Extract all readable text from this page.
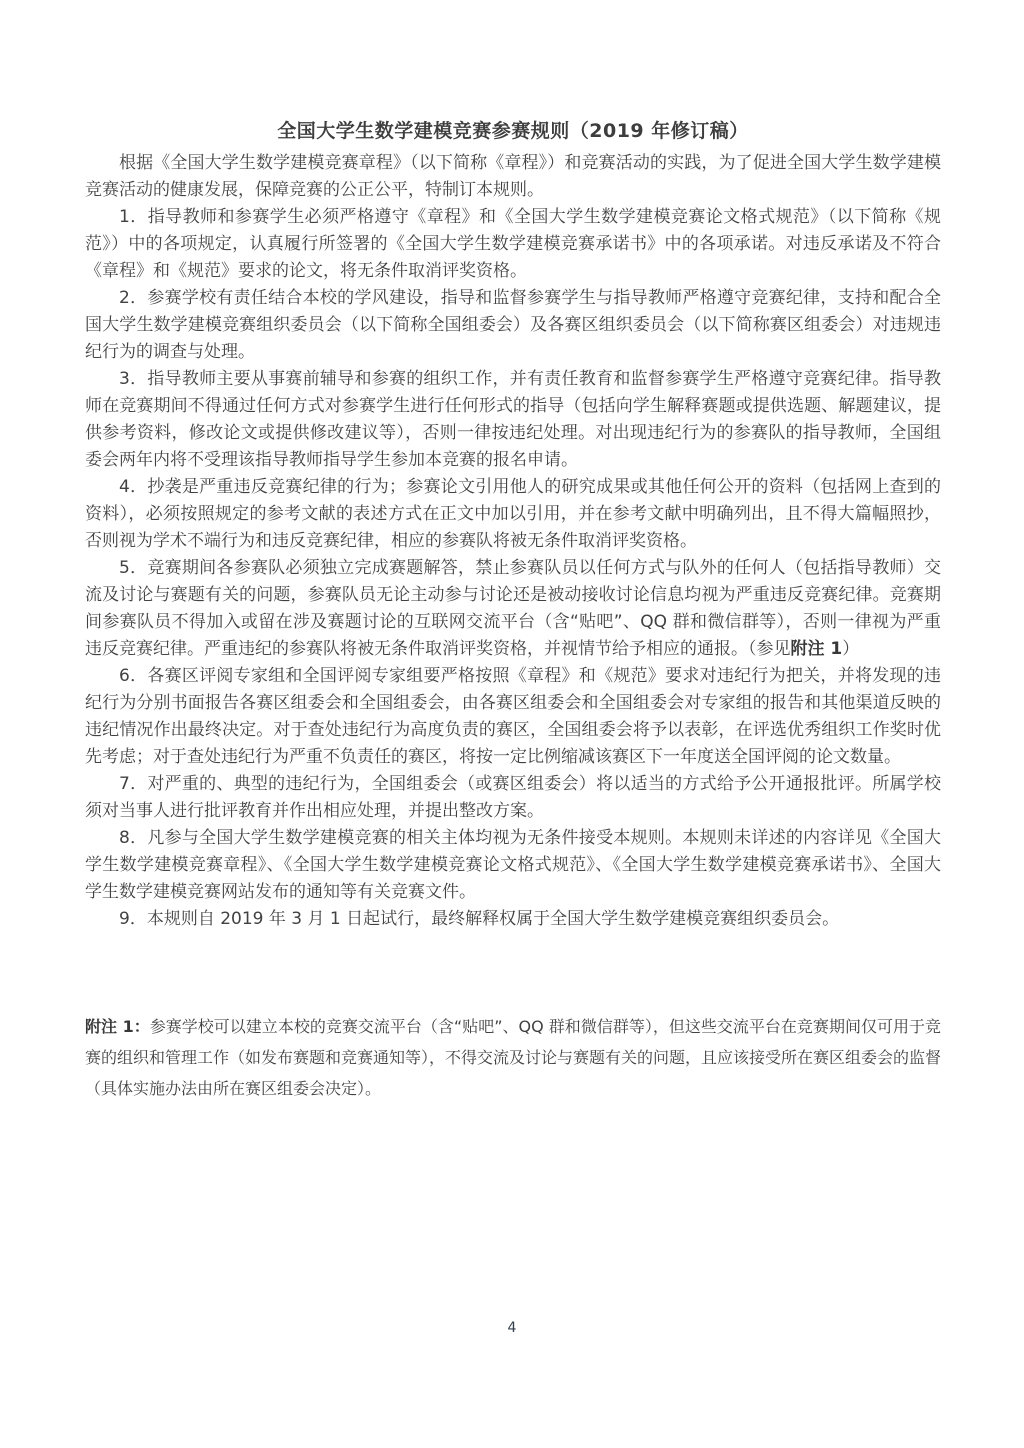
全国大学生数学建模竞赛参赛规则（2019 年修订稿）

根据《全国大学生数学建模竞赛章程》（以下简称《章程》）和竞赛活动的实践，为了促进全国大学生数学建模竞赛活动的健康发展，保障竞赛的公正公平，特制订本规则。

1．指导教师和参赛学生必须严格遵守《章程》和《全国大学生数学建模竞赛论文格式规范》（以下简称《规范》）中的各项规定，认真履行所签署的《全国大学生数学建模竞赛承诺书》中的各项承诺。对违反承诺及不符合《章程》和《规范》要求的论文，将无条件取消评奖资格。

2．参赛学校有责任结合本校的学风建设，指导和监督参赛学生与指导教师严格遵守竞赛纪律，支持和配合全国大学生数学建模竞赛组织委员会（以下简称全国组委会）及各赛区组织委员会（以下简称赛区组委会）对违规违纪行为的调查与处理。

3．指导教师主要从事赛前辅导和参赛的组织工作，并有责任教育和监督参赛学生严格遵守竞赛纪律。指导教师在竞赛期间不得通过任何方式对参赛学生进行任何形式的指导（包括向学生解释赛题或提供选题、解题建议，提供参考资料，修改论文或提供修改建议等），否则一律按违纪处理。对出现违纪行为的参赛队的指导教师，全国组委会两年内将不受理该指导教师指导学生参加本竞赛的报名申请。

4．抄袭是严重违反竞赛纪律的行为；参赛论文引用他人的研究成果或其他任何公开的资料（包括网上查到的资料），必须按照规定的参考文献的表述方式在正文中加以引用，并在参考文献中明确列出，且不得大篇幅照抄，否则视为学术不端行为和违反竞赛纪律，相应的参赛队将被无条件取消评奖资格。

5．竞赛期间各参赛队必须独立完成赛题解答，禁止参赛队员以任何方式与队外的任何人（包括指导教师）交流及讨论与赛题有关的问题，参赛队员无论主动参与讨论还是被动接收讨论信息均视为严重违反竞赛纪律。竞赛期间参赛队员不得加入或留在涉及赛题讨论的互联网交流平台（含“贴吧”、QQ 群和微信群等），否则一律视为严重违反竞赛纪律。严重违纪的参赛队将被无条件取消评奖资格，并视情节给予相应的通报。（参见附注 1）

6．各赛区评阅专家组和全国评阅专家组要严格按照《章程》和《规范》要求对违纪行为把关，并将发现的违纪行为分别书面报告各赛区组委会和全国组委会，由各赛区组委会和全国组委会对专家组的报告和其他渠道反映的违纪情况作出最终决定。对于查处违纪行为高度负责的赛区，全国组委会将予以表彰，在评选优秀组织工作奖时优先考虑；对于查处违纪行为严重不负责任的赛区，将按一定比例缩减该赛区下一年度送全国评阅的论文数量。

7．对严重的、典型的违纪行为，全国组委会（或赛区组委会）将以适当的方式给予公开通报批评。所属学校须对当事人进行批评教育并作出相应处理，并提出整改方案。

8．凡参与全国大学生数学建模竞赛的相关主体均视为无条件接受本规则。本规则未详述的内容详见《全国大学生数学建模竞赛章程》、《全国大学生数学建模竞赛论文格式规范》、《全国大学生数学建模竞赛承诺书》、全国大学生数学建模竞赛网站发布的通知等有关竞赛文件。

9．本规则自 2019 年 3 月 1 日起试行，最终解释权属于全国大学生数学建模竞赛组织委员会。

附注 1：参赛学校可以建立本校的竞赛交流平台（含“贴吧”、QQ 群和微信群等），但这些交流平台在竞赛期间仅可用于竞赛的组织和管理工作（如发布赛题和竞赛通知等），不得交流及讨论与赛题有关的问题，且应该接受所在赛区组委会的监督（具体实施办法由所在赛区组委会决定）。
4
